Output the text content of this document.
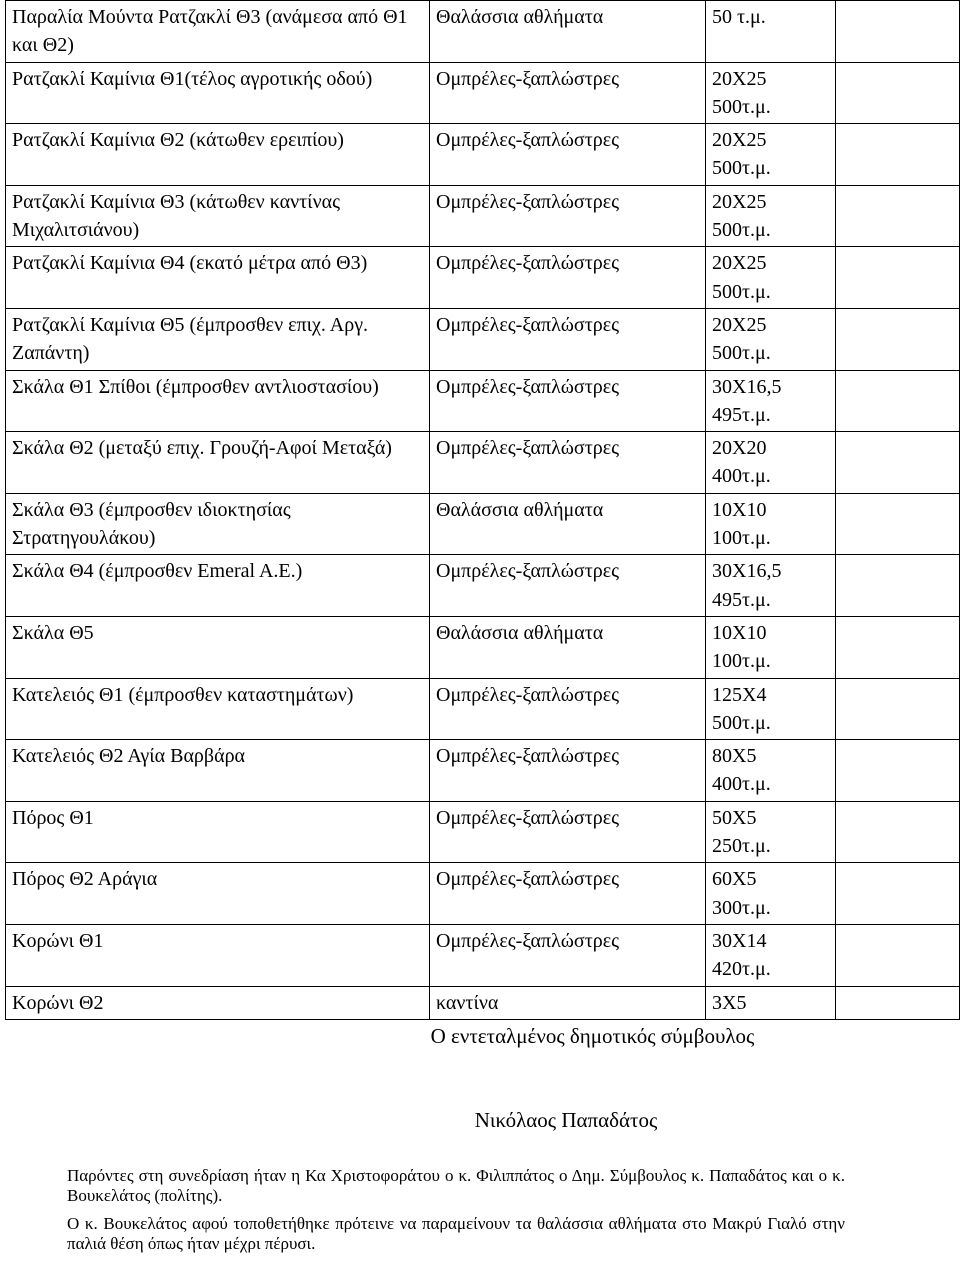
Παραλία Μούντα Ρατζακλί Θ3 (ανάμεσα από Θ1 και Θ2)	Θαλάσσια αθλήματα	50 τ.μ.	

Ρατζακλί Καμίνια Θ1(τέλος αγροτικής οδού)	Ομπρέλες-ξαπλώστρες	20Χ25
500τ.μ.	

Ρατζακλί Καμίνια Θ2 (κάτωθεν ερειπίου)	Ομπρέλες-ξαπλώστρες	20Χ25
500τ.μ.	

Ρατζακλί Καμίνια Θ3 (κάτωθεν καντίνας Μιχαλιτσιάνου)	Ομπρέλες-ξαπλώστρες	20Χ25
500τ.μ.	

Ρατζακλί Καμίνια Θ4 (εκατό μέτρα από Θ3)	Ομπρέλες-ξαπλώστρες	20Χ25
500τ.μ.	

Ρατζακλί Καμίνια Θ5 (έμπροσθεν επιχ. Αργ. Ζαπάντη)	Ομπρέλες-ξαπλώστρες	20Χ25
500τ.μ.	

Σκάλα Θ1 Σπίθοι (έμπροσθεν αντλιοστασίου)	Ομπρέλες-ξαπλώστρες	30Χ16,5
495τ.μ.	

Σκάλα Θ2 (μεταξύ επιχ. Γρουζή-Αφοί Μεταξά)	Ομπρέλες-ξαπλώστρες	20Χ20
400τ.μ.	

Σκάλα Θ3 (έμπροσθεν ιδιοκτησίας Στρατηγουλάκου)	Θαλάσσια αθλήματα	10Χ10
100τ.μ.	

Σκάλα Θ4 (έμπροσθεν Emeral A.E.)	Ομπρέλες-ξαπλώστρες	30Χ16,5
495τ.μ.	

Σκάλα Θ5	Θαλάσσια αθλήματα	10Χ10
100τ.μ.	

Κατελειός Θ1 (έμπροσθεν καταστημάτων)	Ομπρέλες-ξαπλώστρες	125Χ4
500τ.μ.	

Κατελειός Θ2 Αγία Βαρβάρα	Ομπρέλες-ξαπλώστρες	80Χ5
400τ.μ.	

Πόρος Θ1	Ομπρέλες-ξαπλώστρες	50Χ5
250τ.μ.	

Πόρος Θ2 Αράγια	Ομπρέλες-ξαπλώστρες	60Χ5
300τ.μ.	

Κορώνι Θ1	Ομπρέλες-ξαπλώστρες	30Χ14
420τ.μ.	

Κορώνι Θ2	καντίνα	3Χ5	

Ο εντεταλμένος δημοτικός σύμβουλος
Νικόλαος Παπαδάτος

Παρόντες στη συνεδρίαση ήταν η Κα Χριστοφοράτου ο κ. Φιλιππάτος ο Δημ. Σύμβουλος κ. Παπαδάτος και ο κ. Βουκελάτος (πολίτης).

Ο κ. Βουκελάτος αφού τοποθετήθηκε πρότεινε να παραμείνουν τα θαλάσσια αθλήματα στο Μακρύ Γιαλό στην παλιά θέση όπως ήταν μέχρι πέρυσι.
